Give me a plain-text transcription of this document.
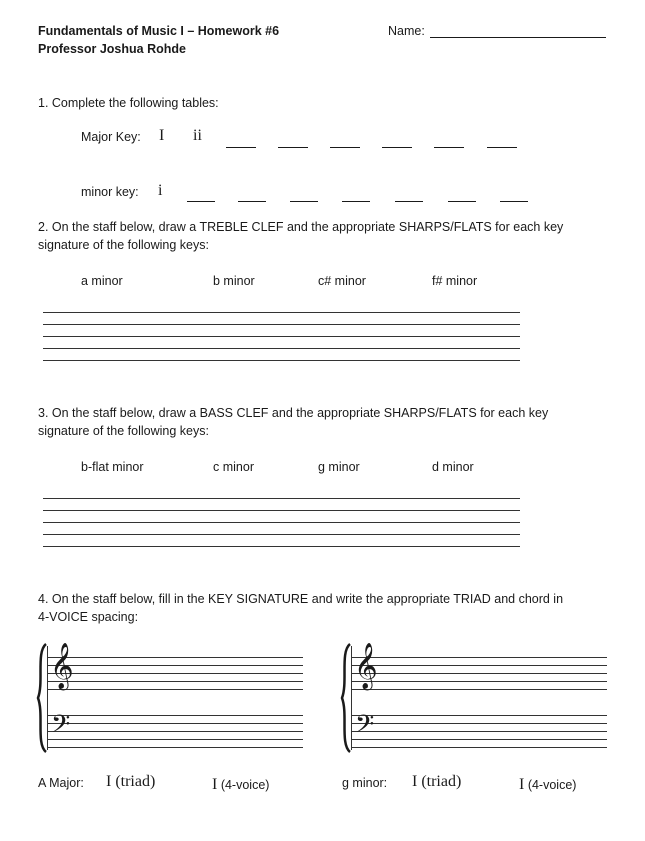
Fundamentals of Music I – Homework #6
Professor Joshua Rohde
Name:
1. Complete the following tables:
Major Key: I ii
minor key: i
2. On the staff below, draw a TREBLE CLEF and the appropriate SHARPS/FLATS for each key
signature of the following keys:
a minor	b minor	c# minor	f# minor
3. On the staff below, draw a BASS CLEF and the appropriate SHARPS/FLATS for each key
signature of the following keys:
b-flat minor	c minor	g minor	d minor
4. On the staff below, fill in the KEY SIGNATURE and write the appropriate TRIAD and chord in
4-VOICE spacing:
𝄞
𝄢
𝄞
𝄢
A Major: I (triad)	I (4-voice)	g minor: I (triad)	I (4-voice)
